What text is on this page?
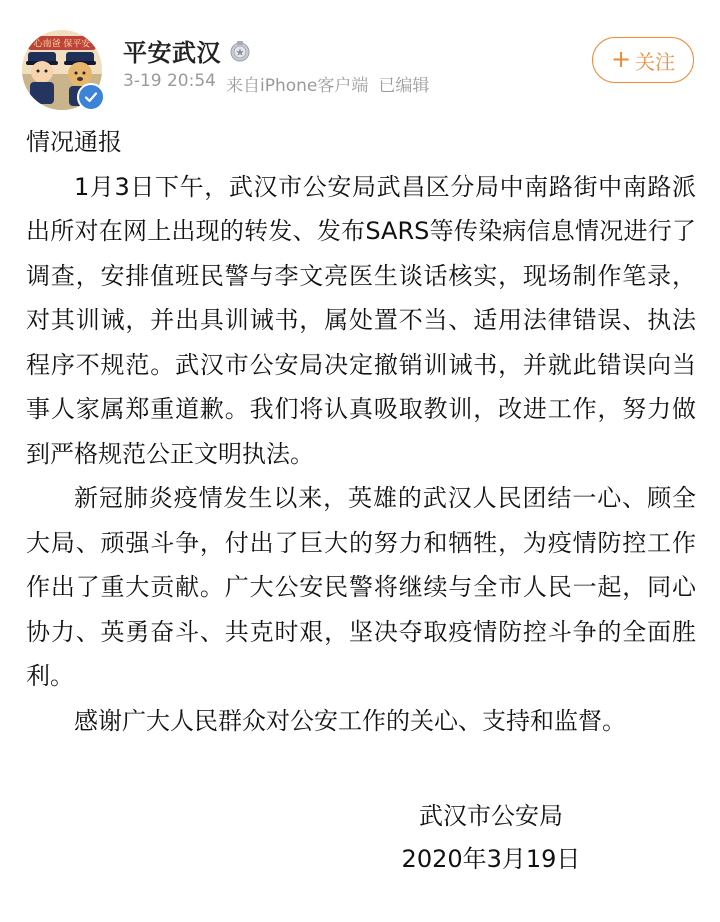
心南爸 保平安 平安武汉
3-19 20:54 来自iPhone客户端 已编辑
+ 关注

情况通报

1月3日下午，武汉市公安局武昌区分局中南路街中南路派出所对在网上出现的转发、发布SARS等传染病信息情况进行了调查，安排值班民警与李文亮医生谈话核实，现场制作笔录，对其训诫，并出具训诫书，属处置不当、适用法律错误、执法程序不规范。武汉市公安局决定撤销训诫书，并就此错误向当事人家属郑重道歉。我们将认真吸取教训，改进工作，努力做到严格规范公正文明执法。

新冠肺炎疫情发生以来，英雄的武汉人民团结一心、顾全大局、顽强斗争，付出了巨大的努力和牺牲，为疫情防控工作作出了重大贡献。广大公安民警将继续与全市人民一起，同心协力、英勇奋斗、共克时艰，坚决夺取疫情防控斗争的全面胜利。

感谢广大人民群众对公安工作的关心、支持和监督。

武汉市公安局
2020年3月19日
